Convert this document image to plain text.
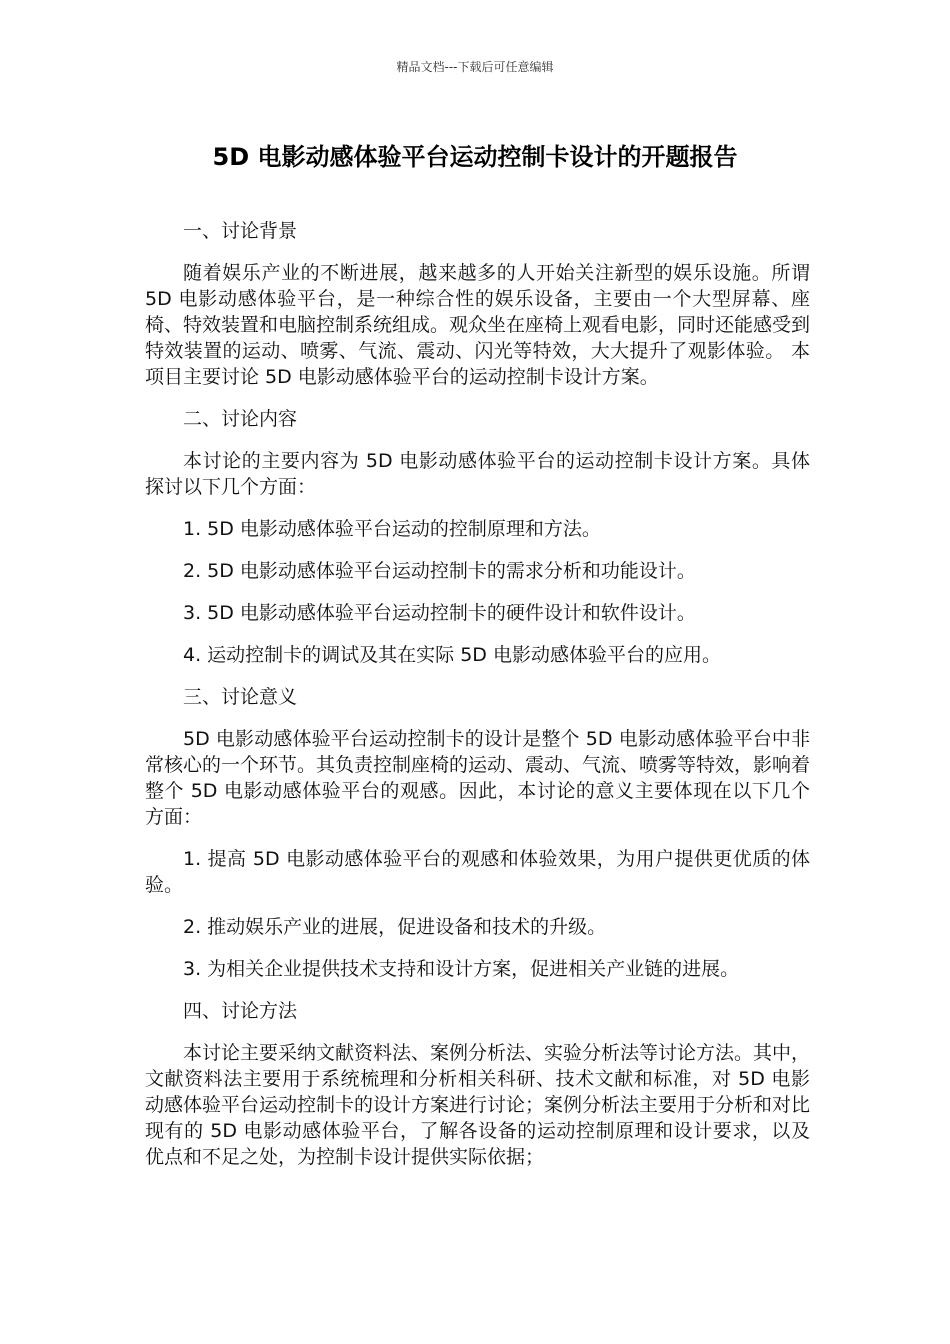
精品文档---下载后可任意编辑
5D 电影动感体验平台运动控制卡设计的开题报告
一、讨论背景

随着娱乐产业的不断进展，越来越多的人开始关注新型的娱乐设施。所谓 5D 电影动感体验平台，是一种综合性的娱乐设备，主要由一个大型屏幕、座椅、特效装置和电脑控制系统组成。观众坐在座椅上观看电影，同时还能感受到特效装置的运动、喷雾、气流、震动、闪光等特效，大大提升了观影体验。 本项目主要讨论 5D 电影动感体验平台的运动控制卡设计方案。

二、讨论内容

本讨论的主要内容为 5D 电影动感体验平台的运动控制卡设计方案。具体探讨以下几个方面：

1. 5D 电影动感体验平台运动的控制原理和方法。

2. 5D 电影动感体验平台运动控制卡的需求分析和功能设计。

3. 5D 电影动感体验平台运动控制卡的硬件设计和软件设计。

4. 运动控制卡的调试及其在实际 5D 电影动感体验平台的应用。

三、讨论意义

5D 电影动感体验平台运动控制卡的设计是整个 5D 电影动感体验平台中非常核心的一个环节。其负责控制座椅的运动、震动、气流、喷雾等特效，影响着整个 5D 电影动感体验平台的观感。因此，本讨论的意义主要体现在以下几个方面：

1. 提高 5D 电影动感体验平台的观感和体验效果，为用户提供更优质的体验。

2. 推动娱乐产业的进展，促进设备和技术的升级。

3. 为相关企业提供技术支持和设计方案，促进相关产业链的进展。

四、讨论方法

本讨论主要采纳文献资料法、案例分析法、实验分析法等讨论方法。其中，文献资料法主要用于系统梳理和分析相关科研、技术文献和标准，对 5D 电影动感体验平台运动控制卡的设计方案进行讨论；案例分析法主要用于分析和对比现有的 5D 电影动感体验平台，了解各设备的运动控制原理和设计要求，以及优点和不足之处，为控制卡设计提供实际依据；
